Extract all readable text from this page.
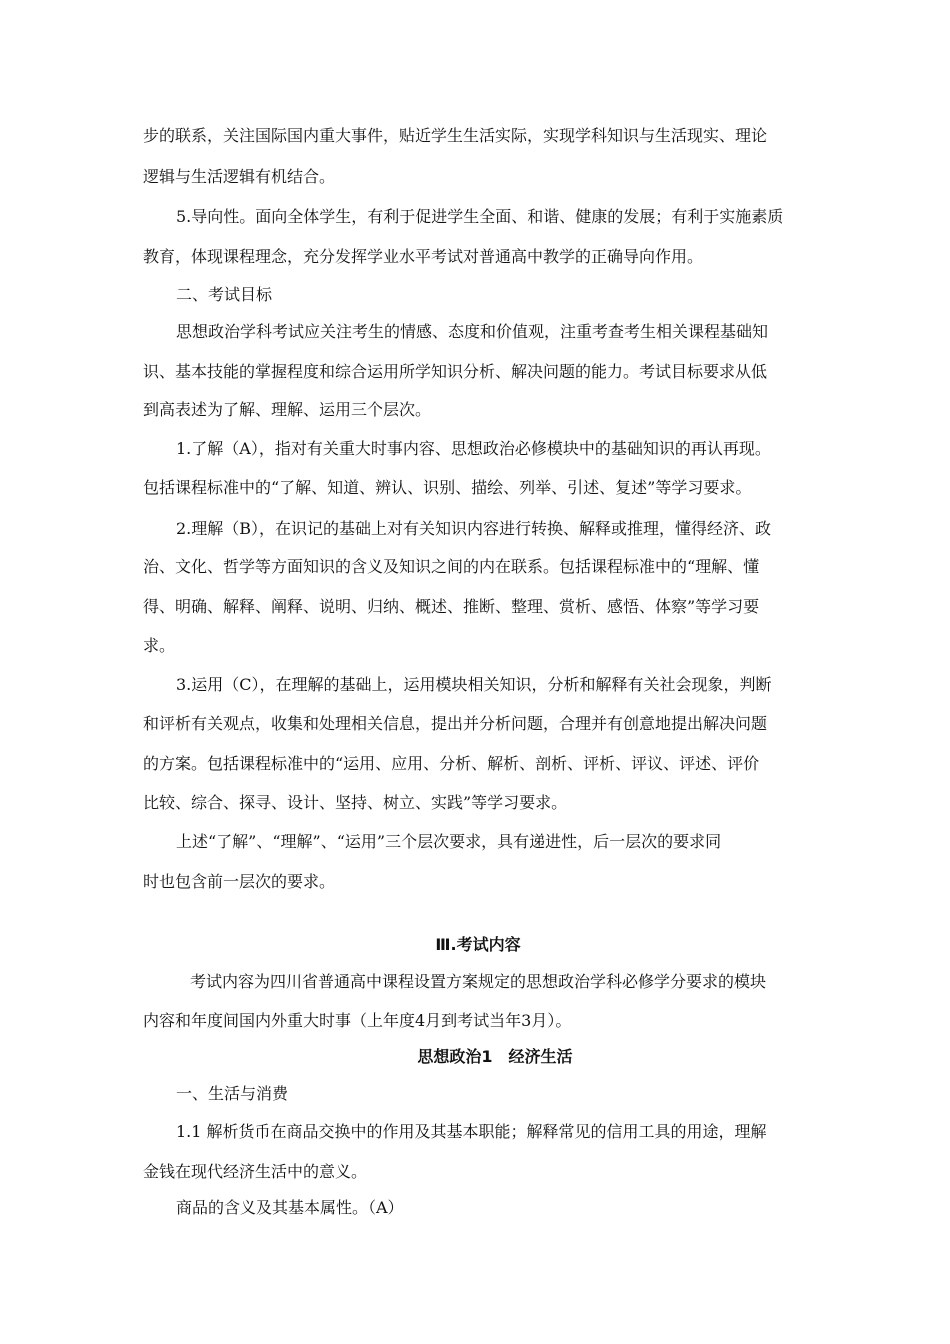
步的联系，关注国际国内重大事件，贴近学生生活实际，实现学科知识与生活现实、理论
逻辑与生活逻辑有机结合。
5.导向性。面向全体学生，有利于促进学生全面、和谐、健康的发展；有利于实施素质
教育，体现课程理念，充分发挥学业水平考试对普通高中教学的正确导向作用。
二、考试目标
思想政治学科考试应关注考生的情感、态度和价值观，注重考查考生相关课程基础知
识、基本技能的掌握程度和综合运用所学知识分析、解决问题的能力。考试目标要求从低
到高表述为了解、理解、运用三个层次。
1.了解（A），指对有关重大时事内容、思想政治必修模块中的基础知识的再认再现。
包括课程标准中的“了解、知道、辨认、识别、描绘、列举、引述、复述”等学习要求。
2.理解（B），在识记的基础上对有关知识内容进行转换、解释或推理，懂得经济、政
治、文化、哲学等方面知识的含义及知识之间的内在联系。包括课程标准中的“理解、懂
得、明确、解释、阐释、说明、归纳、概述、推断、整理、赏析、感悟、体察”等学习要
求。
3.运用（C），在理解的基础上，运用模块相关知识，分析和解释有关社会现象，判断
和评析有关观点，收集和处理相关信息，提出并分析问题，合理并有创意地提出解决问题
的方案。包括课程标准中的“运用、应用、分析、解析、剖析、评析、评议、评述、评价
比较、综合、探寻、设计、坚持、树立、实践”等学习要求。
上述“了解”、“理解”、“运用”三个层次要求，具有递进性，后一层次的要求同
时也包含前一层次的要求。
Ⅲ.考试内容
考试内容为四川省普通高中课程设置方案规定的思想政治学科必修学分要求的模块
内容和年度间国内外重大时事（上年度4月到考试当年3月）。
思想政治1　经济生活
一、生活与消费
1.1 解析货币在商品交换中的作用及其基本职能；解释常见的信用工具的用途，理解
金钱在现代经济生活中的意义。
商品的含义及其基本属性。（A）
